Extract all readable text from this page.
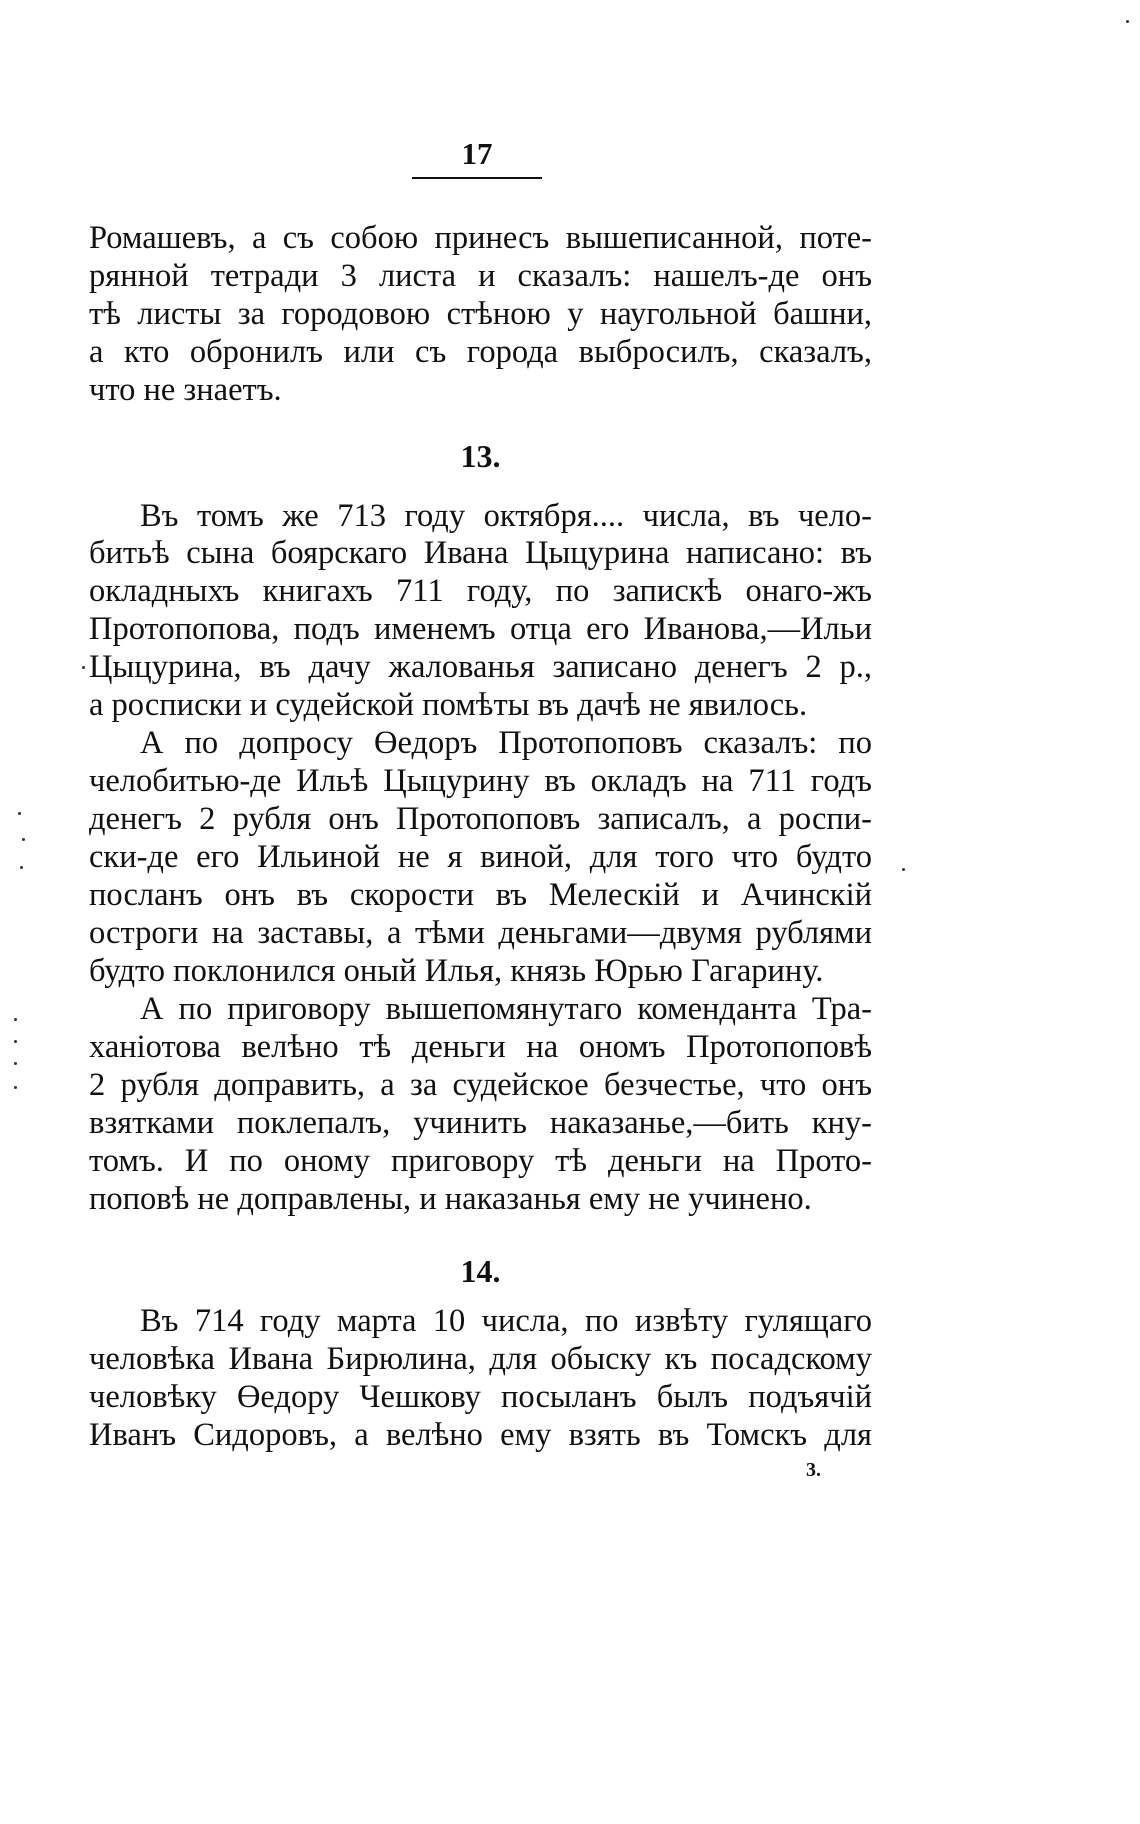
17
Ромашевъ, а съ собою принесъ вышеписанной, поте-
рянной тетради 3 листа и сказалъ: нашелъ-де онъ
тѣ листы за городовою стѣною у наугольной башни,
а кто обронилъ или съ города выбросилъ, сказалъ,
что не знаетъ.
13.
Въ томъ же 713 году октября.... числа, въ чело-
битьѣ сына боярскаго Ивана Цыцурина написано: въ
окладныхъ книгахъ 711 году, по запискѣ онаго-жъ
Протопопова, подъ именемъ отца его Иванова,—Ильи
Цыцурина, въ дачу жалованья записано денегъ 2 р.,
а росписки и судейской помѣты въ дачѣ не явилось.
А по допросу Өедоръ Протопоповъ сказалъ: по
челобитью-де Ильѣ Цыцурину въ окладъ на 711 годъ
денегъ 2 рубля онъ Протопоповъ записалъ, а роспи-
ски-де его Ильиной не я виной, для того что будто
посланъ онъ въ скорости въ Мелескій и Ачинскій
остроги на заставы, а тѣми деньгами—двумя рублями
будто поклонился оный Илья, князь Юрью Гагарину.
А по приговору вышепомянутаго коменданта Тра-
ханіотова велѣно тѣ деньги на ономъ Протопоповѣ
2 рубля доправить, а за судейское безчестье, что онъ
взятками поклепалъ, учинить наказанье,—бить кну-
томъ. И по оному приговору тѣ деньги на Прото-
поповѣ не доправлены, и наказанья ему не учинено.
14.
Въ 714 году марта 10 числа, по извѣту гулящаго
человѣка Ивана Бирюлина, для обыску къ посадскому
человѣку Өедору Чешкову посыланъ былъ подъячій
Иванъ Сидоровъ, а велѣно ему взять въ Томскъ для
3.
